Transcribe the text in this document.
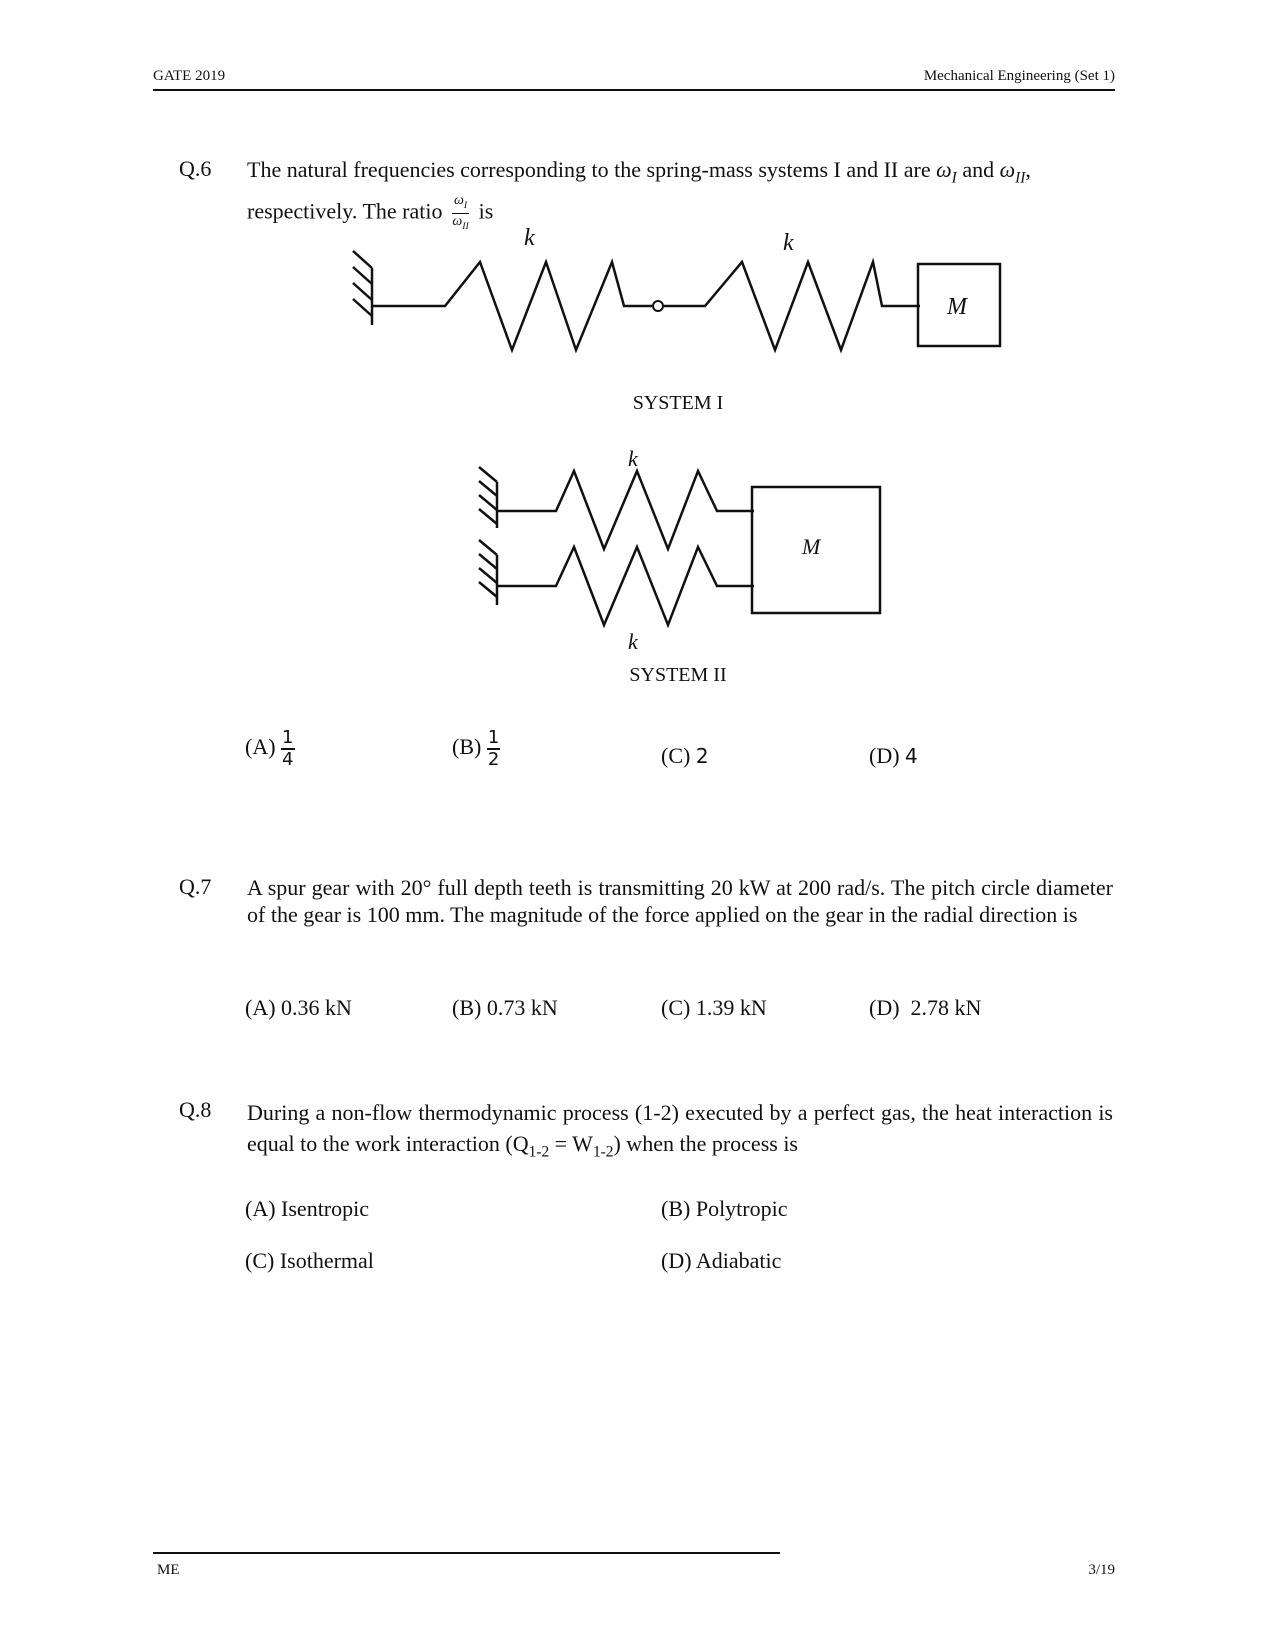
GATE 2019	Mechanical Engineering (Set 1)
Q.6 The natural frequencies corresponding to the spring-mass systems I and II are $\omega_I$ and $\omega_{II}$,
respectively. The ratio $\frac{\omega_I}{\omega_{II}}$ is
k	k
M
SYSTEM I
k
M
k
SYSTEM II
$(A) \frac{1}{4}$	$(B) \frac{1}{2}$	(C) 2	(D) 4
Q.7 A spur gear with 20° full depth teeth is transmitting 20 kW at 200 rad/s. The pitch circle diameter of the gear is 100 mm. The magnitude of the force applied on the gear in the radial direction is
(A) 0.36 kN	(B) 0.73 kN	(C) 1.39 kN	(D) 2.78 kN
Q.8 During a non-flow thermodynamic process (1-2) executed by a perfect gas, the heat interaction is equal to the work interaction $(Q_{1-2} = W_{1-2})$ when the process is
(A) Isentropic	(B) Polytropic
(C) Isothermal	(D) Adiabatic
ME	3/19
